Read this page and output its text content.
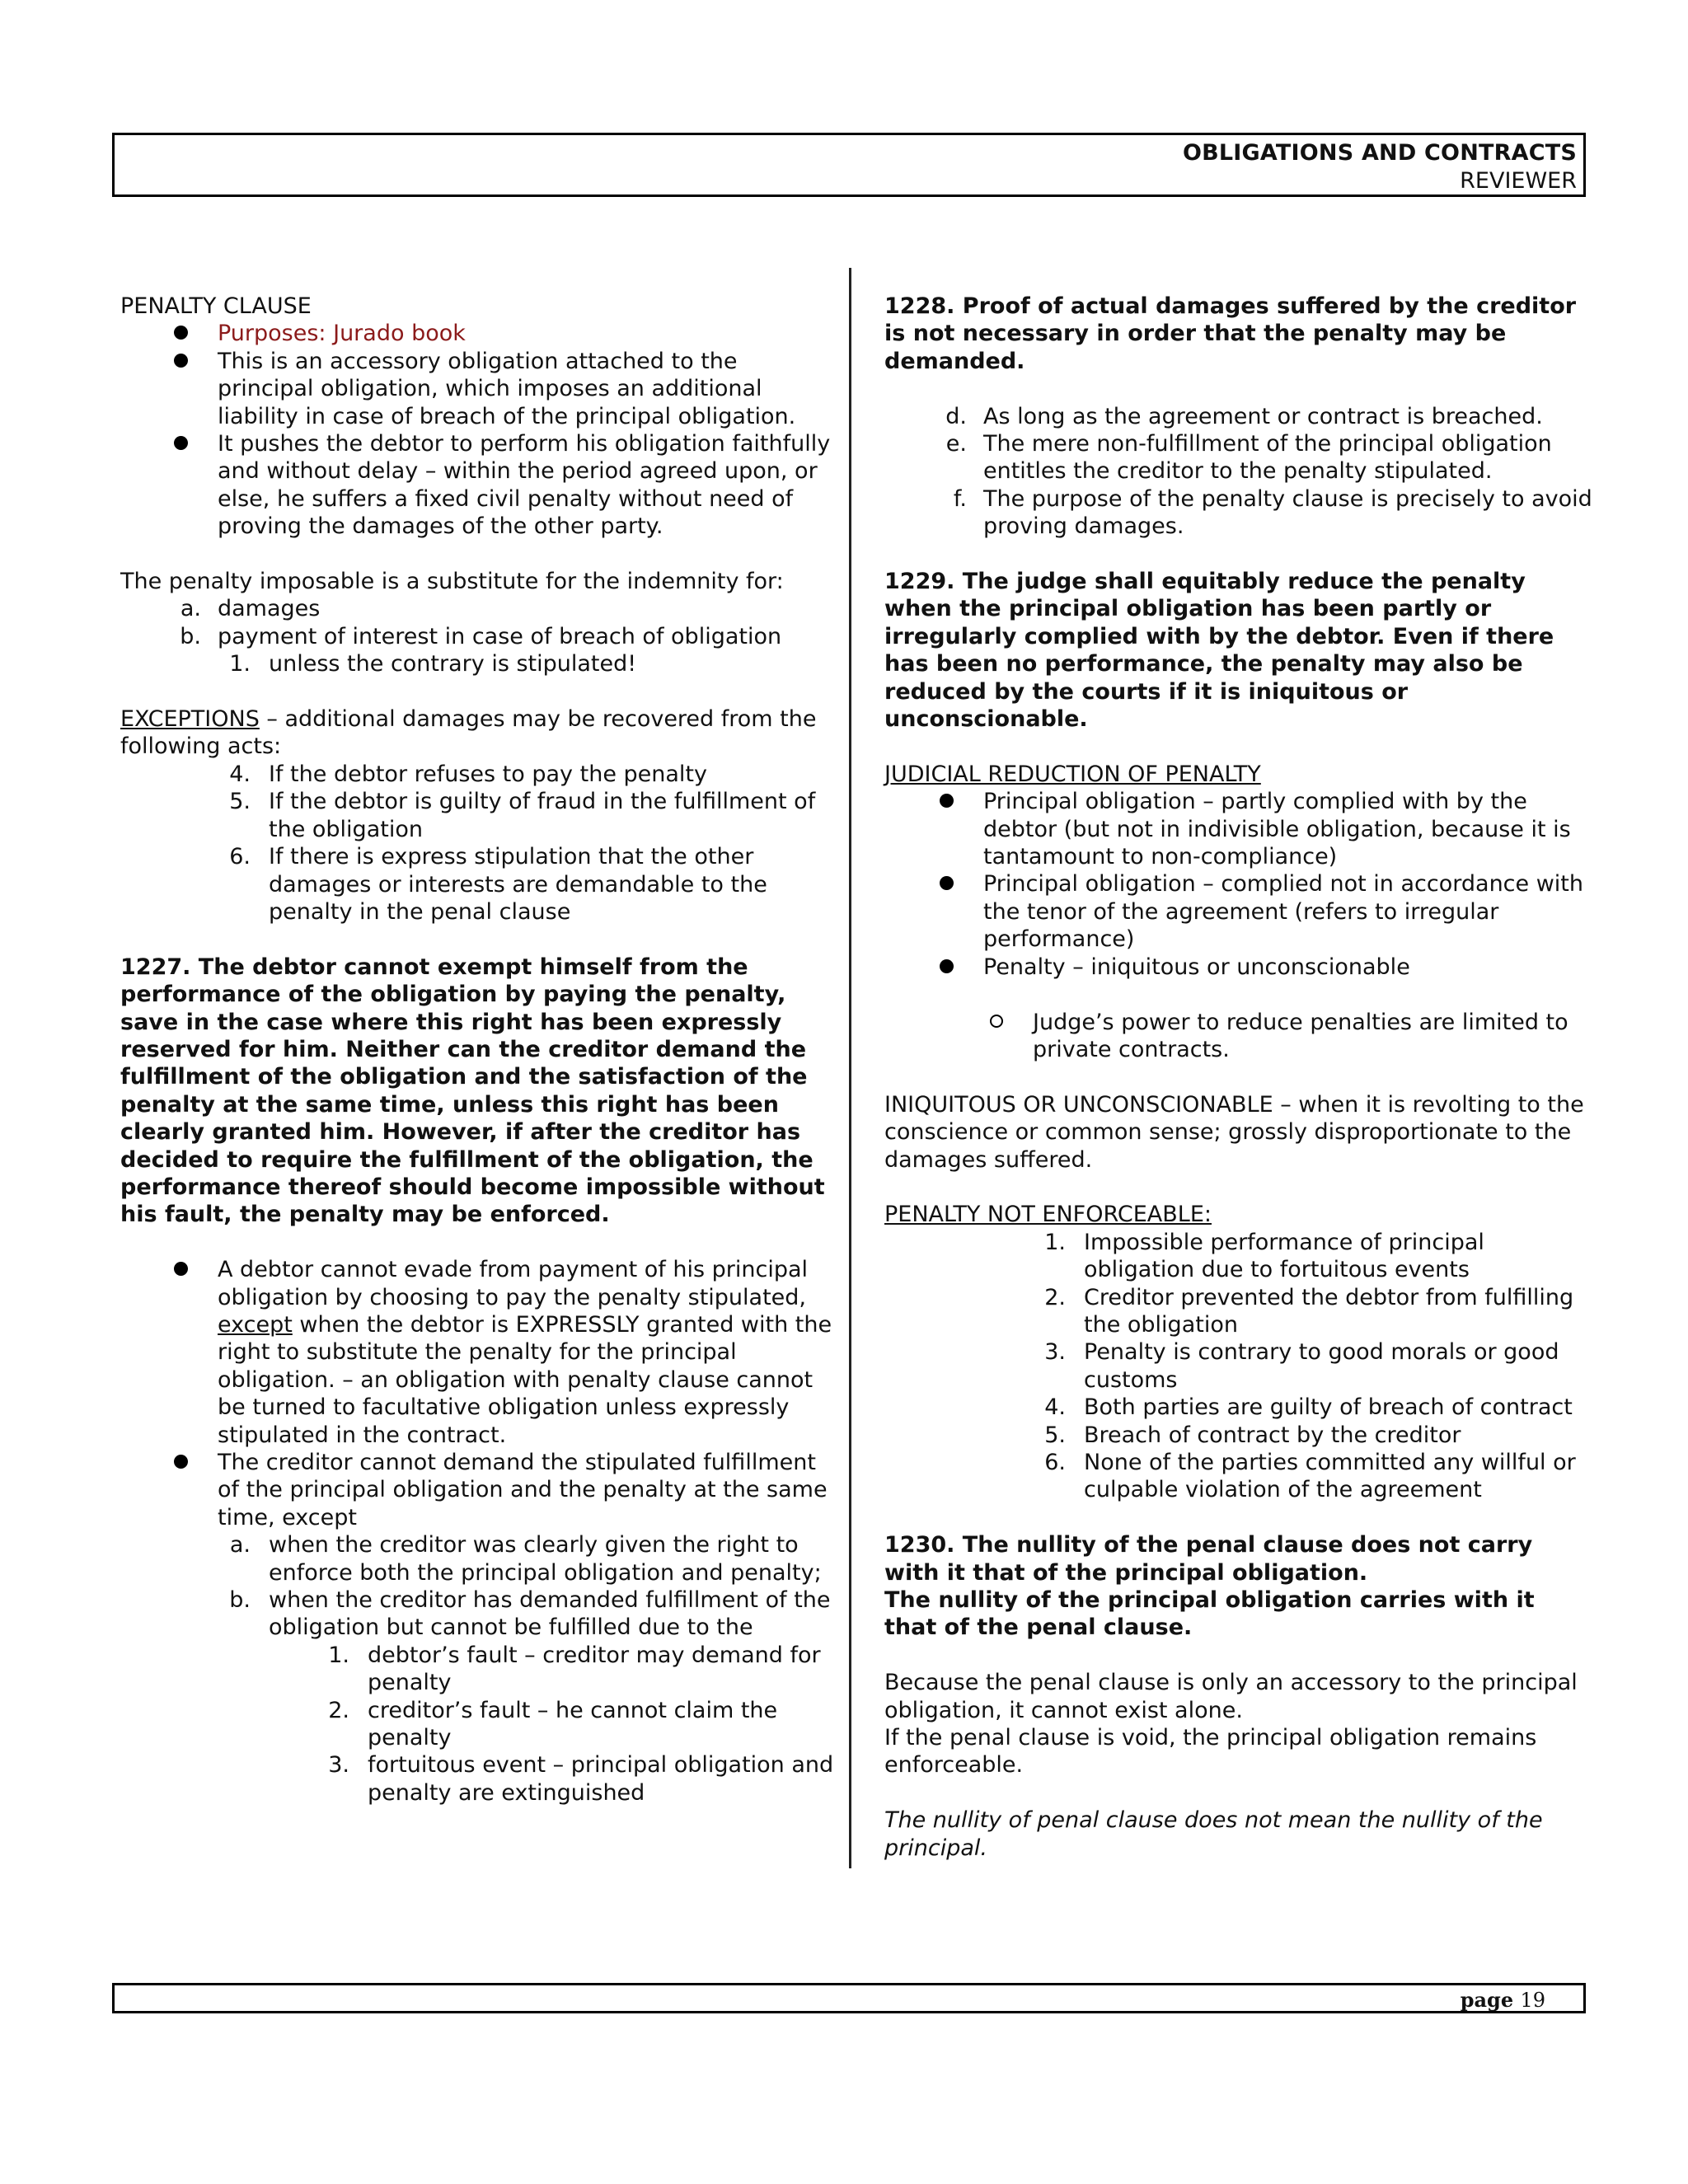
OBLIGATIONS AND CONTRACTS
REVIEWER

PENALTY CLAUSE

Purposes: Jurado book
This is an accessory obligation attached to the principal obligation, which imposes an additional liability in case of breach of the principal obligation.
It pushes the debtor to perform his obligation faithfully and without delay – within the period agreed upon, or else, he suffers a fixed civil penalty without need of proving the damages of the other party.

The penalty imposable is a substitute for the indemnity for:

a. damages
b. payment of interest in case of breach of obligation
1. unless the contrary is stipulated!

EXCEPTIONS – additional damages may be recovered from the following acts:

4. If the debtor refuses to pay the penalty
5. If the debtor is guilty of fraud in the fulfillment of the obligation
6. If there is express stipulation that the other damages or interests are demandable to the penalty in the penal clause

1227. The debtor cannot exempt himself from the performance of the obligation by paying the penalty, save in the case where this right has been expressly reserved for him. Neither can the creditor demand the fulfillment of the obligation and the satisfaction of the penalty at the same time, unless this right has been clearly granted him. However, if after the creditor has decided to require the fulfillment of the obligation, the performance thereof should become impossible without his fault, the penalty may be enforced.

A debtor cannot evade from payment of his principal obligation by choosing to pay the penalty stipulated, except when the debtor is EXPRESSLY granted with the right to substitute the penalty for the principal obligation. – an obligation with penalty clause cannot be turned to facultative obligation unless expressly stipulated in the contract.
The creditor cannot demand the stipulated fulfillment of the principal obligation and the penalty at the same time, except
a. when the creditor was clearly given the right to enforce both the principal obligation and penalty;
b. when the creditor has demanded fulfillment of the obligation but cannot be fulfilled due to the
1. debtor’s fault – creditor may demand for penalty
2. creditor’s fault – he cannot claim the penalty
3. fortuitous event – principal obligation and penalty are extinguished

1228. Proof of actual damages suffered by the creditor is not necessary in order that the penalty may be demanded.

d. As long as the agreement or contract is breached.
e. The mere non-fulfillment of the principal obligation entitles the creditor to the penalty stipulated.
f. The purpose of the penalty clause is precisely to avoid proving damages.

1229. The judge shall equitably reduce the penalty when the principal obligation has been partly or irregularly complied with by the debtor. Even if there has been no performance, the penalty may also be reduced by the courts if it is iniquitous or unconscionable.

JUDICIAL REDUCTION OF PENALTY

Principal obligation – partly complied with by the debtor (but not in indivisible obligation, because it is tantamount to non-compliance)
Principal obligation – complied not in accordance with the tenor of the agreement (refers to irregular performance)
Penalty – iniquitous or unconscionable
Judge’s power to reduce penalties are limited to private contracts.

INIQUITOUS OR UNCONSCIONABLE – when it is revolting to the conscience or common sense; grossly disproportionate to the damages suffered.

PENALTY NOT ENFORCEABLE:

1. Impossible performance of principal obligation due to fortuitous events
2. Creditor prevented the debtor from fulfilling the obligation
3. Penalty is contrary to good morals or good customs
4. Both parties are guilty of breach of contract
5. Breach of contract by the creditor
6. None of the parties committed any willful or culpable violation of the agreement

1230. The nullity of the penal clause does not carry with it that of the principal obligation.

The nullity of the principal obligation carries with it that of the penal clause.

Because the penal clause is only an accessory to the principal obligation, it cannot exist alone.

If the penal clause is void, the principal obligation remains enforceable.

The nullity of penal clause does not mean the nullity of the principal.

page 19
